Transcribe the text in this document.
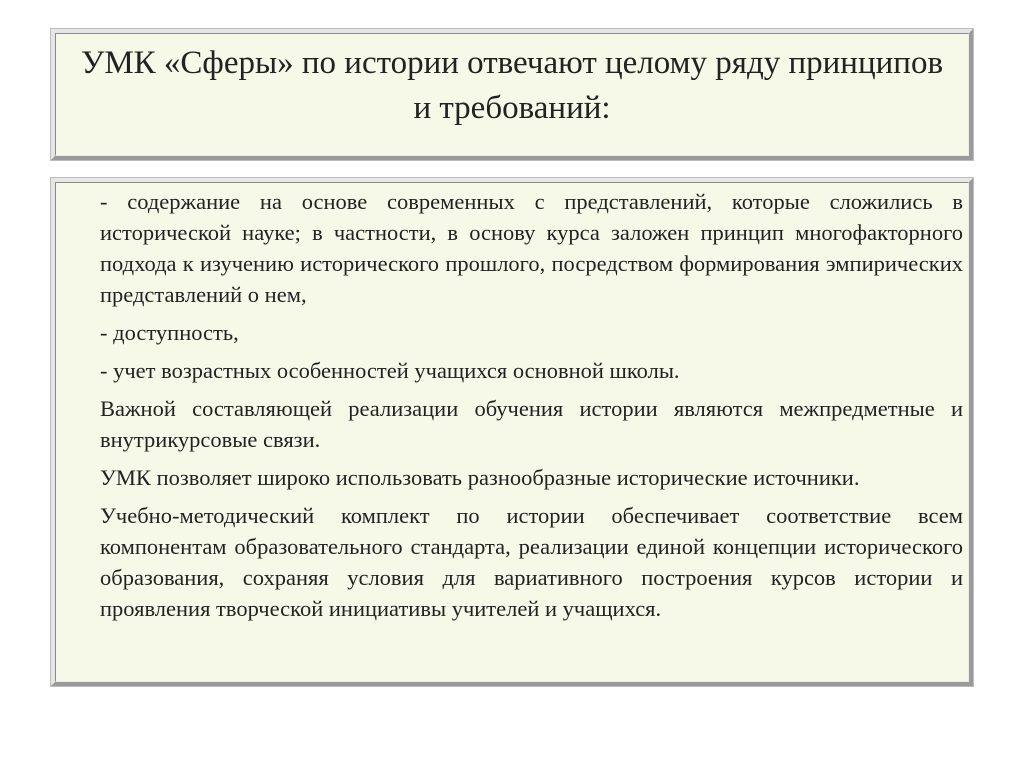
УМК «Сферы» по истории отвечают целому ряду принципов и требований:

- содержание на основе современных с представлений, которые сложились в исторической науке; в частности, в основу курса заложен принцип многофакторного подхода к изучению исторического прошлого, посредством формирования эмпирических представлений о нем,

- доступность,

- учет возрастных особенностей учащихся основной школы.

Важной составляющей реализации обучения истории являются межпредметные и внутрикурсовые связи.

УМК позволяет широко использовать разнообразные исторические источники.

Учебно-методический комплект по истории обеспечивает соответствие всем компонентам образовательного стандарта, реализации единой концепции исторического образования, сохраняя условия для вариативного построения курсов истории и проявления творческой инициативы учителей и учащихся.
